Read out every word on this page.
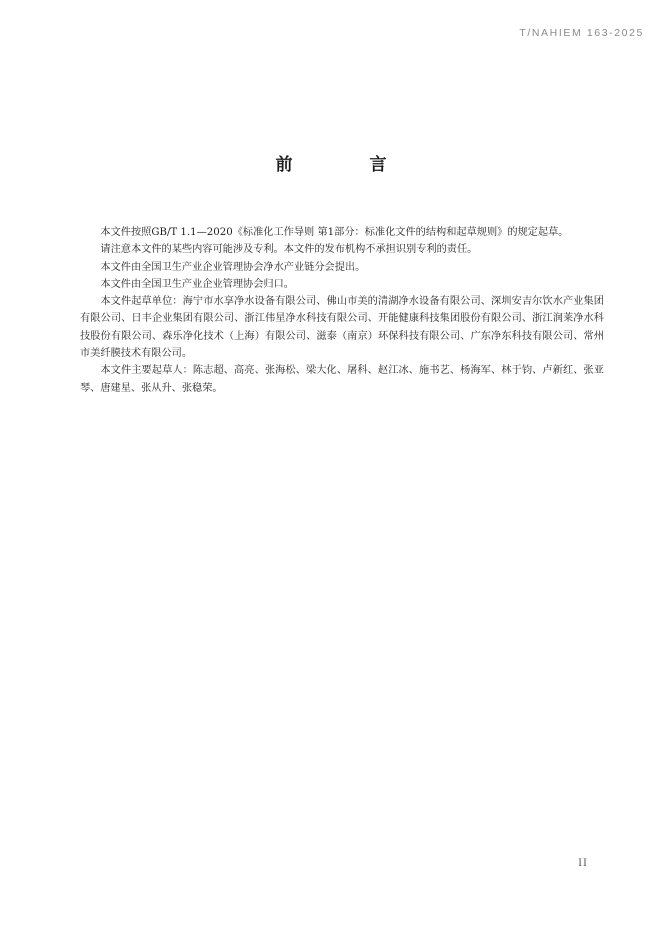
T/NAHIEM 163-2025
前　言

本文件按照GB/T 1.1—2020《标准化工作导则 第1部分：标准化文件的结构和起草规则》的规定起草。

请注意本文件的某些内容可能涉及专利。本文件的发布机构不承担识别专利的责任。

本文件由全国卫生产业企业管理协会净水产业链分会提出。

本文件由全国卫生产业企业管理协会归口。

本文件起草单位：海宁市水享净水设备有限公司、佛山市美的清湖净水设备有限公司、深圳安吉尔饮水产业集团有限公司、日丰企业集团有限公司、浙江伟星净水科技有限公司、开能健康科技集团股份有限公司、浙江润莱净水科技股份有限公司、森乐净化技术（上海）有限公司、滋泰（南京）环保科技有限公司、广东净东科技有限公司、常州市美纤膜技术有限公司。

本文件主要起草人：陈志超、高亮、张海松、梁大化、屠科、赵江冰、施书艺、杨海军、林于钧、卢新红、张亚琴、唐建星、张从升、张稳荣。

II
